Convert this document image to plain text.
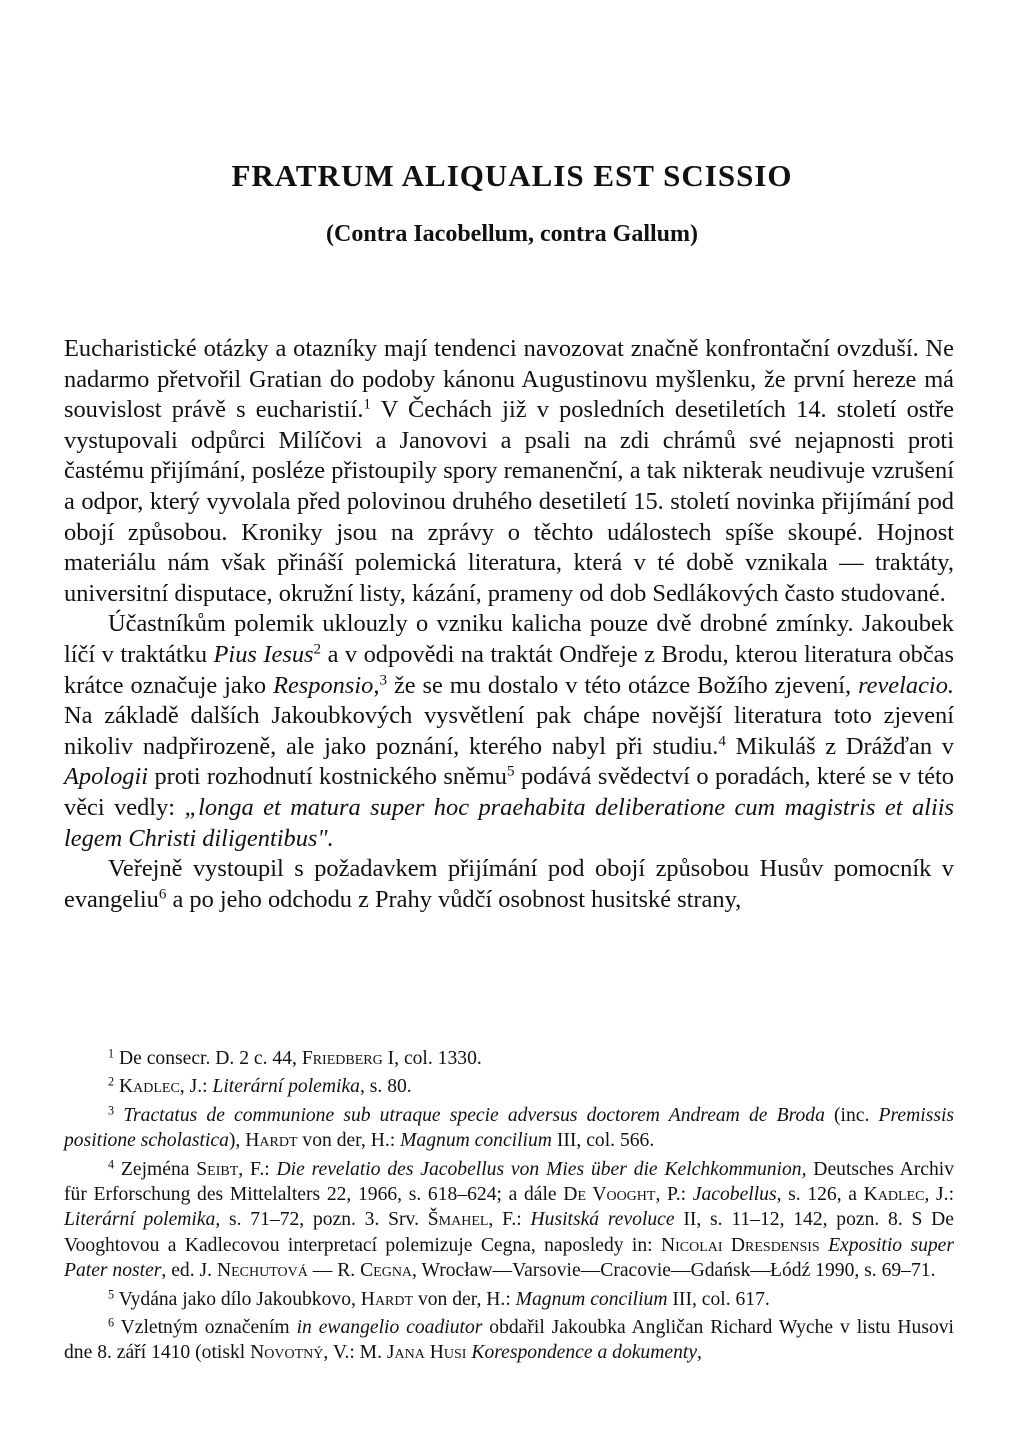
FRATRUM ALIQUALIS EST SCISSIO
(Contra Iacobellum, contra Gallum)

Eucharistické otázky a otazníky mají tendenci navozovat značně konfrontační ovzduší. Ne nadarmo přetvořil Gratian do podoby kánonu Augustinovu myšlenku, že první hereze má souvislost právě s eucharistií.$^1$ V Čechách již v posledních desetiletích 14. století ostře vystupovali odpůrci Milíčovi a Janovovi a psali na zdi chrámů své nejapnosti proti častému přijímání, posléze přistoupily spory remanenční, a tak nikterak neudivuje vzrušení a odpor, který vyvolala před polovinou druhého desetiletí 15. století novinka přijímání pod obojí způsobou. Kroniky jsou na zprávy o těchto událostech spíše skoupé. Hojnost materiálu nám však přináší polemická literatura, která v té době vznikala — traktáty, universitní disputace, okružní listy, kázání, prameny od dob Sedlákových často studované.

Účastníkům polemik uklouzly o vzniku kalicha pouze dvě drobné zmínky. Jakoubek líčí v traktátku Pius Iesus$^2$ a v odpovědi na traktát Ondřeje z Brodu, kterou literatura občas krátce označuje jako Responsio,$^3$ že se mu dostalo v této otázce Božího zjevení, revelacio. Na základě dalších Jakoubkových vysvětlení pak chápe novější literatura toto zjevení nikoliv nadpřirozeně, ale jako poznání, kterého nabyl při studiu.$^4$ Mikuláš z Drážďan v Apologii proti rozhodnutí kostnického sněmu$^5$ podává svědectví o poradách, které se v této věci vedly: „longa et matura super hoc praehabita deliberatione cum magistris et aliis legem Christi diligentibus".

Veřejně vystoupil s požadavkem přijímání pod obojí způsobou Husův pomocník v evangeliu$^6$ a po jeho odchodu z Prahy vůdčí osobnost husitské strany,

$^1$ De consecr. D. 2 c. 44, Friedberg I, col. 1330.

$^2$ Kadlec, J.: Literární polemika, s. 80.

$^3$ Tractatus de communione sub utraque specie adversus doctorem Andream de Broda (inc. Premissis positione scholastica), Hardt von der, H.: Magnum concilium III, col. 566.

$^4$ Zejména Seibt, F.: Die revelatio des Jacobellus von Mies über die Kelchkommunion, Deutsches Archiv für Erforschung des Mittelalters 22, 1966, s. 618–624; a dále De Vooght, P.: Jacobellus, s. 126, a Kadlec, J.: Literární polemika, s. 71–72, pozn. 3. Srv. Šmahel, F.: Husitská revoluce II, s. 11–12, 142, pozn. 8. S De Vooghtovou a Kadlecovou interpretací polemizuje Cegna, naposledy in: Nicolai Dresdensis Expositio super Pater noster, ed. J. Nechutová — R. Cegna, Wrocław—Varsovie—Cracovie—Gdańsk—Łódź 1990, s. 69–71.

$^5$ Vydána jako dílo Jakoubkovo, Hardt von der, H.: Magnum concilium III, col. 617.

$^6$ Vzletným označením in ewangelio coadiutor obdařil Jakoubka Angličan Richard Wyche v listu Husovi dne 8. září 1410 (otiskl Novotný, V.: M. Jana Husi Korespondence a dokumenty,
